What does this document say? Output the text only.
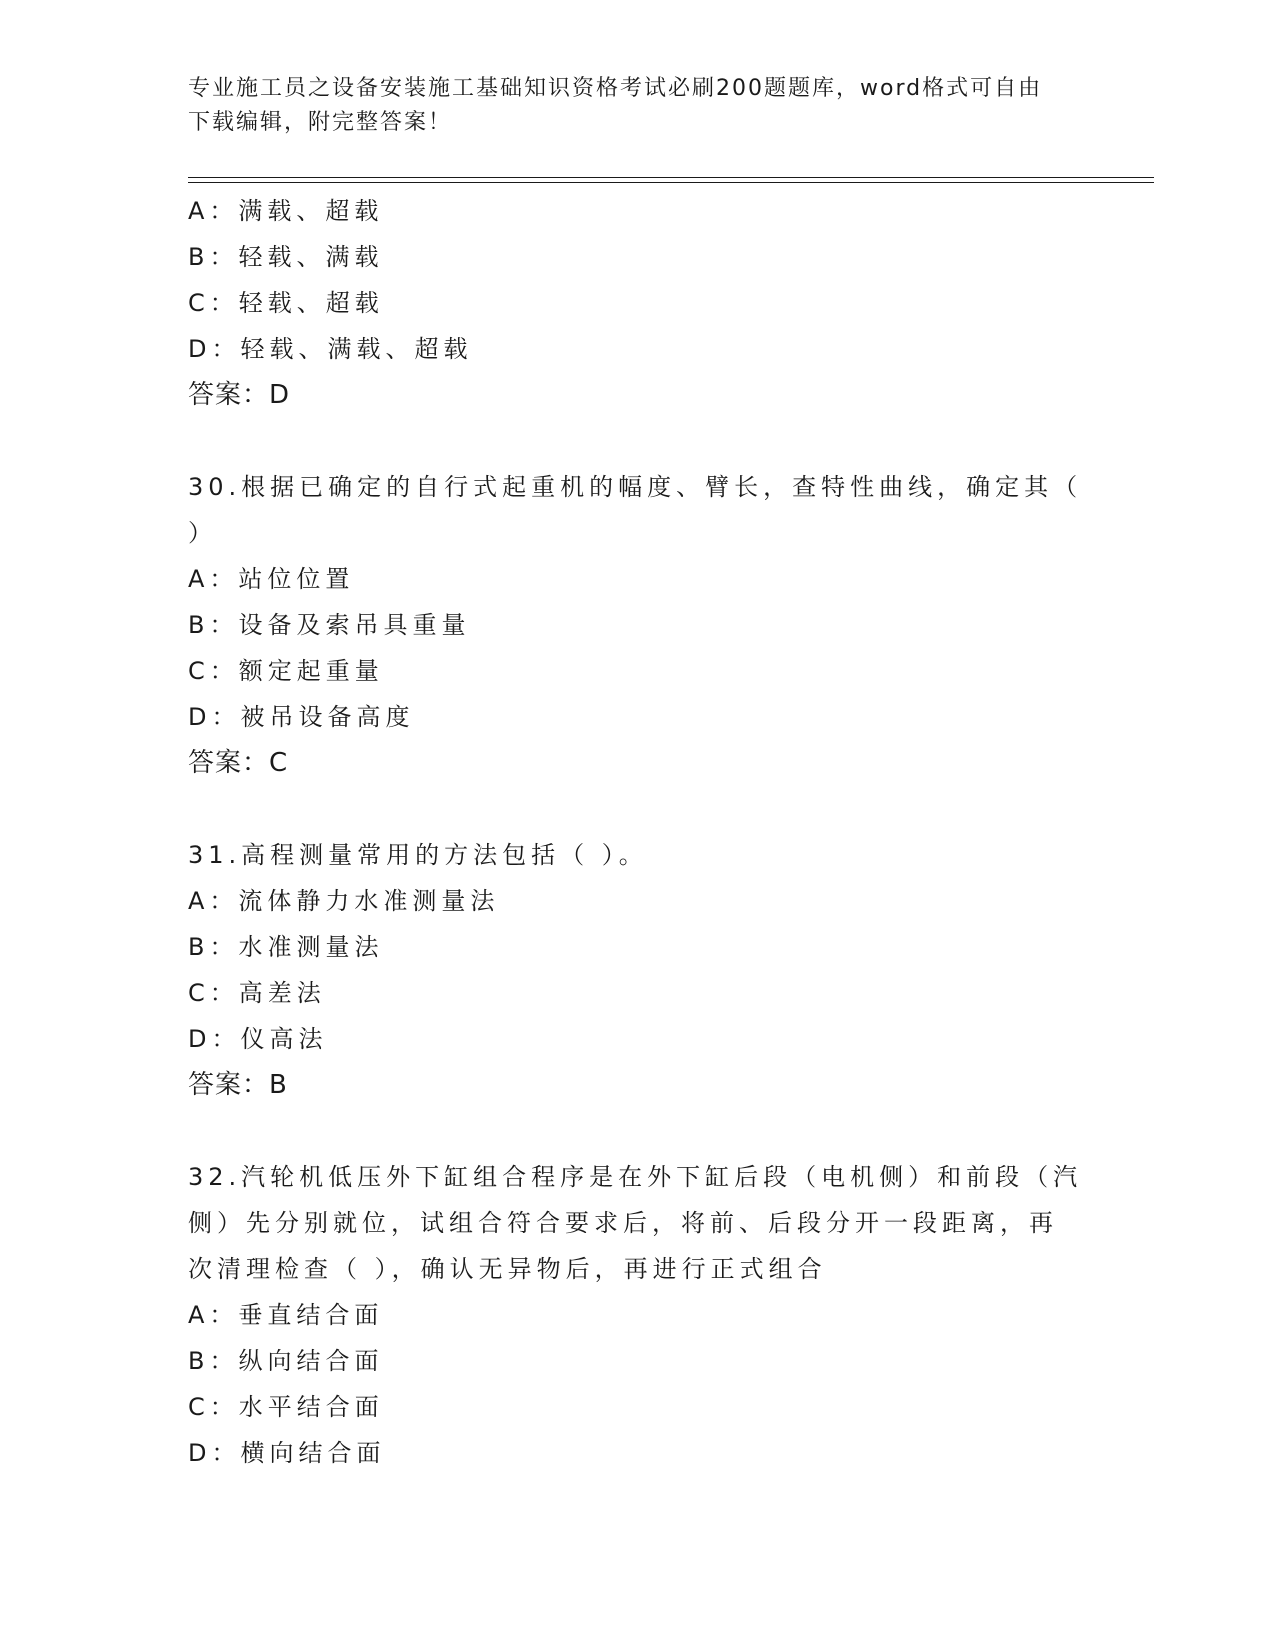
专业施工员之设备安装施工基础知识资格考试必刷200题题库，word格式可自由
下载编辑，附完整答案！
A：满载、超载
B：轻载、满载
C：轻载、超载
D：轻载、满载、超载
答案：D
30.根据已确定的自行式起重机的幅度、臂长，查特性曲线，确定其（
）
A：站位位置
B：设备及索吊具重量
C：额定起重量
D：被吊设备高度
答案：C
31.高程测量常用的方法包括（ ）。
A：流体静力水准测量法
B：水准测量法
C：高差法
D：仪高法
答案：B
32.汽轮机低压外下缸组合程序是在外下缸后段（电机侧）和前段（汽
侧）先分别就位，试组合符合要求后，将前、后段分开一段距离，再
次清理检查（ ），确认无异物后，再进行正式组合
A：垂直结合面
B：纵向结合面
C：水平结合面
D：横向结合面
